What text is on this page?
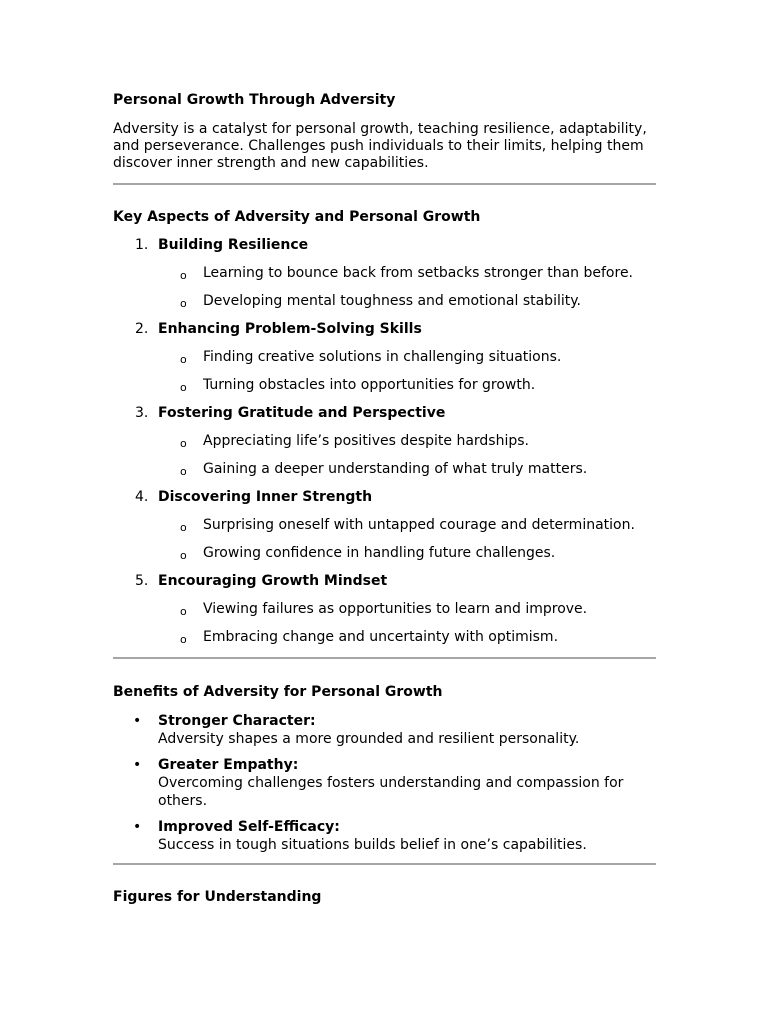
Personal Growth Through Adversity

Adversity is a catalyst for personal growth, teaching resilience, adaptability, and perseverance. Challenges push individuals to their limits, helping them discover inner strength and new capabilities.

Key Aspects of Adversity and Personal Growth
1. Building Resilience
o Learning to bounce back from setbacks stronger than before.
o Developing mental toughness and emotional stability.
2. Enhancing Problem-Solving Skills
o Finding creative solutions in challenging situations.
o Turning obstacles into opportunities for growth.
3. Fostering Gratitude and Perspective
o Appreciating life’s positives despite hardships.
o Gaining a deeper understanding of what truly matters.
4. Discovering Inner Strength
o Surprising oneself with untapped courage and determination.
o Growing confidence in handling future challenges.
5. Encouraging Growth Mindset
o Viewing failures as opportunities to learn and improve.
o Embracing change and uncertainty with optimism.
Benefits of Adversity for Personal Growth
• Stronger Character:
Adversity shapes a more grounded and resilient personality.
• Greater Empathy:
Overcoming challenges fosters understanding and compassion for others.
• Improved Self-Efficacy:
Success in tough situations builds belief in one’s capabilities.
Figures for Understanding
